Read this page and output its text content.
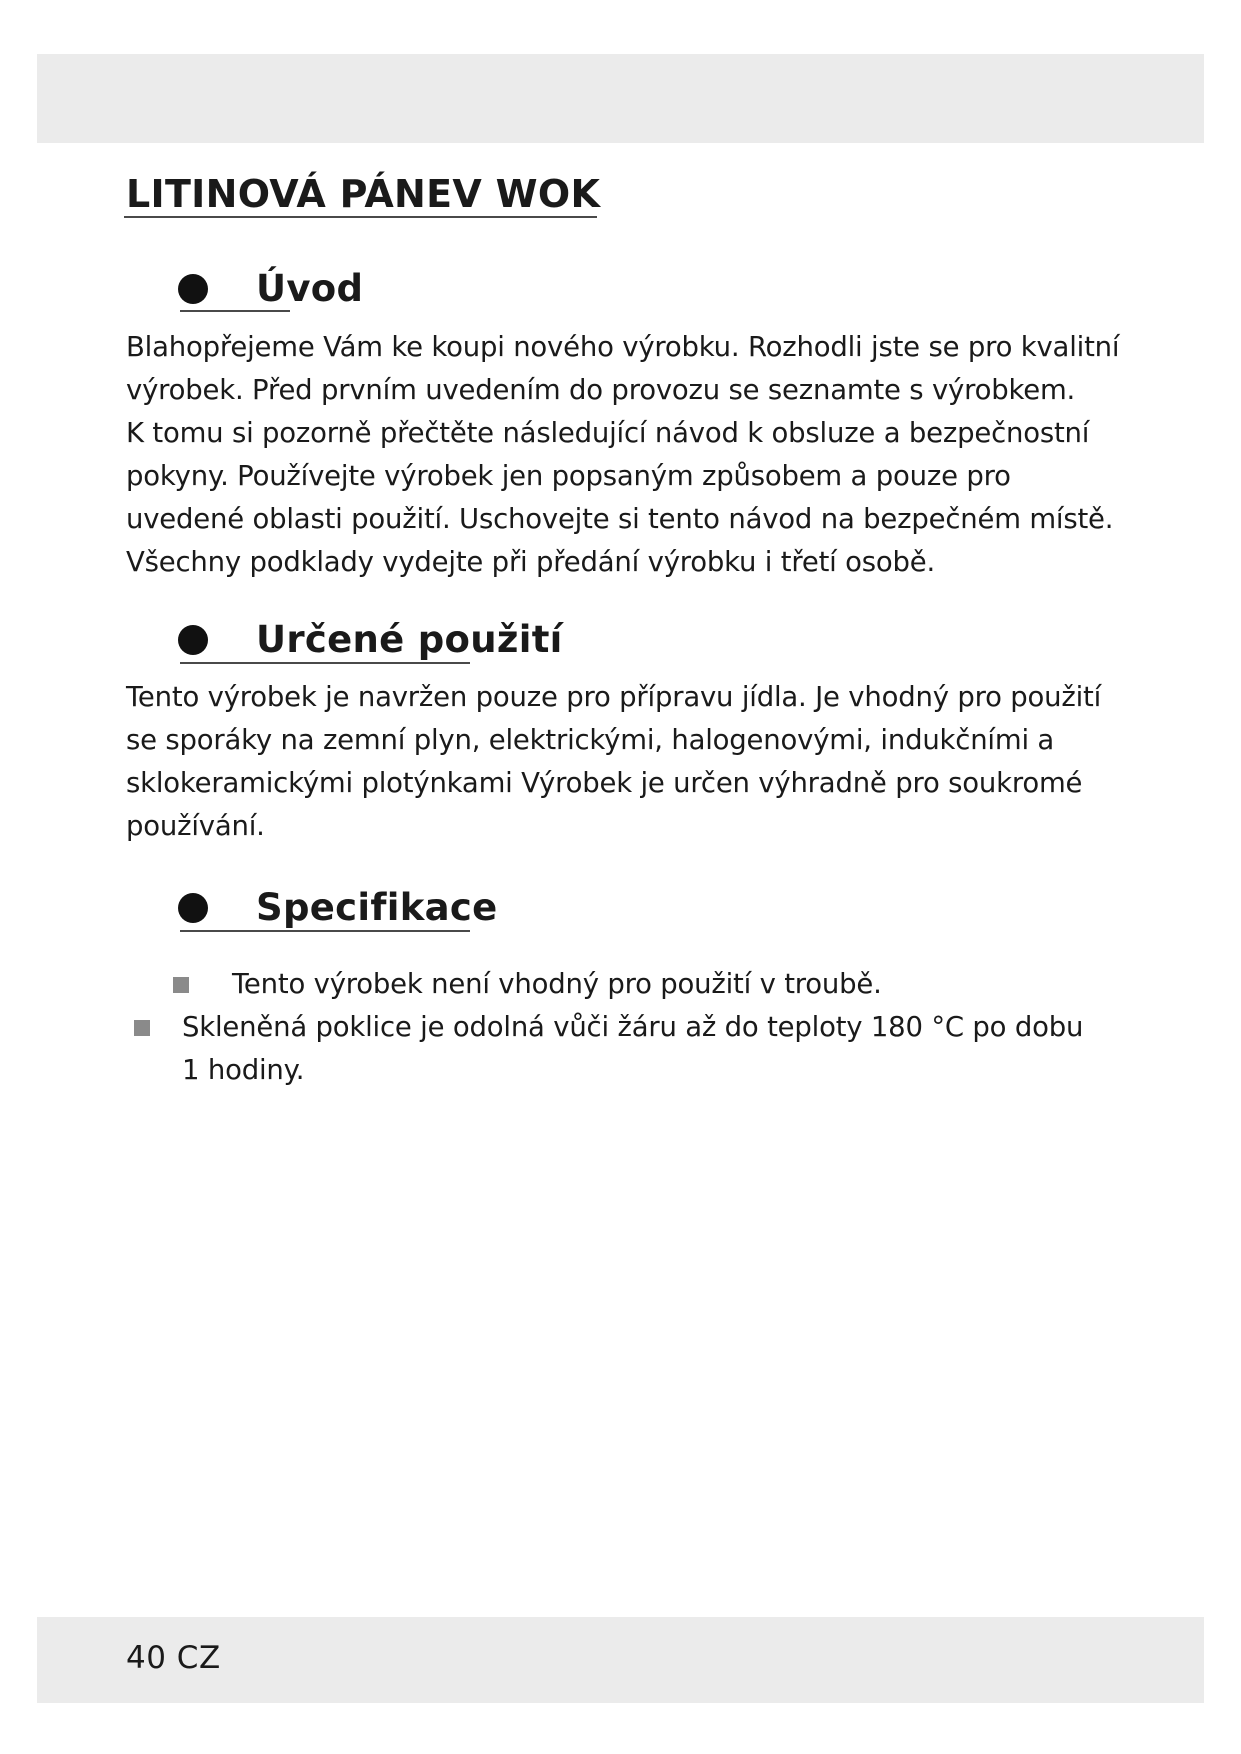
LITINOVÁ PÁNEV WOK
Úvod

Blahopřejeme Vám ke koupi nového výrobku. Rozhodli jste se pro kvalitní
výrobek. Před prvním uvedením do provozu se seznamte s výrobkem.
K tomu si pozorně přečtěte následující návod k obsluze a bezpečnostní
pokyny. Používejte výrobek jen popsaným způsobem a pouze pro
uvedené oblasti použití. Uschovejte si tento návod na bezpečném místě.
Všechny podklady vydejte při předání výrobku i třetí osobě.

Určené použití

Tento výrobek je navržen pouze pro přípravu jídla. Je vhodný pro použití
se sporáky na zemní plyn, elektrickými, halogenovými, indukčními a
sklokeramickými plotýnkami Výrobek je určen výhradně pro soukromé
používání.

Specifikace
Tento výrobek není vhodný pro použití v troubě.
Skleněná poklice je odolná vůči žáru až do teploty 180 °C po dobu
1 hodiny.
40 CZ
